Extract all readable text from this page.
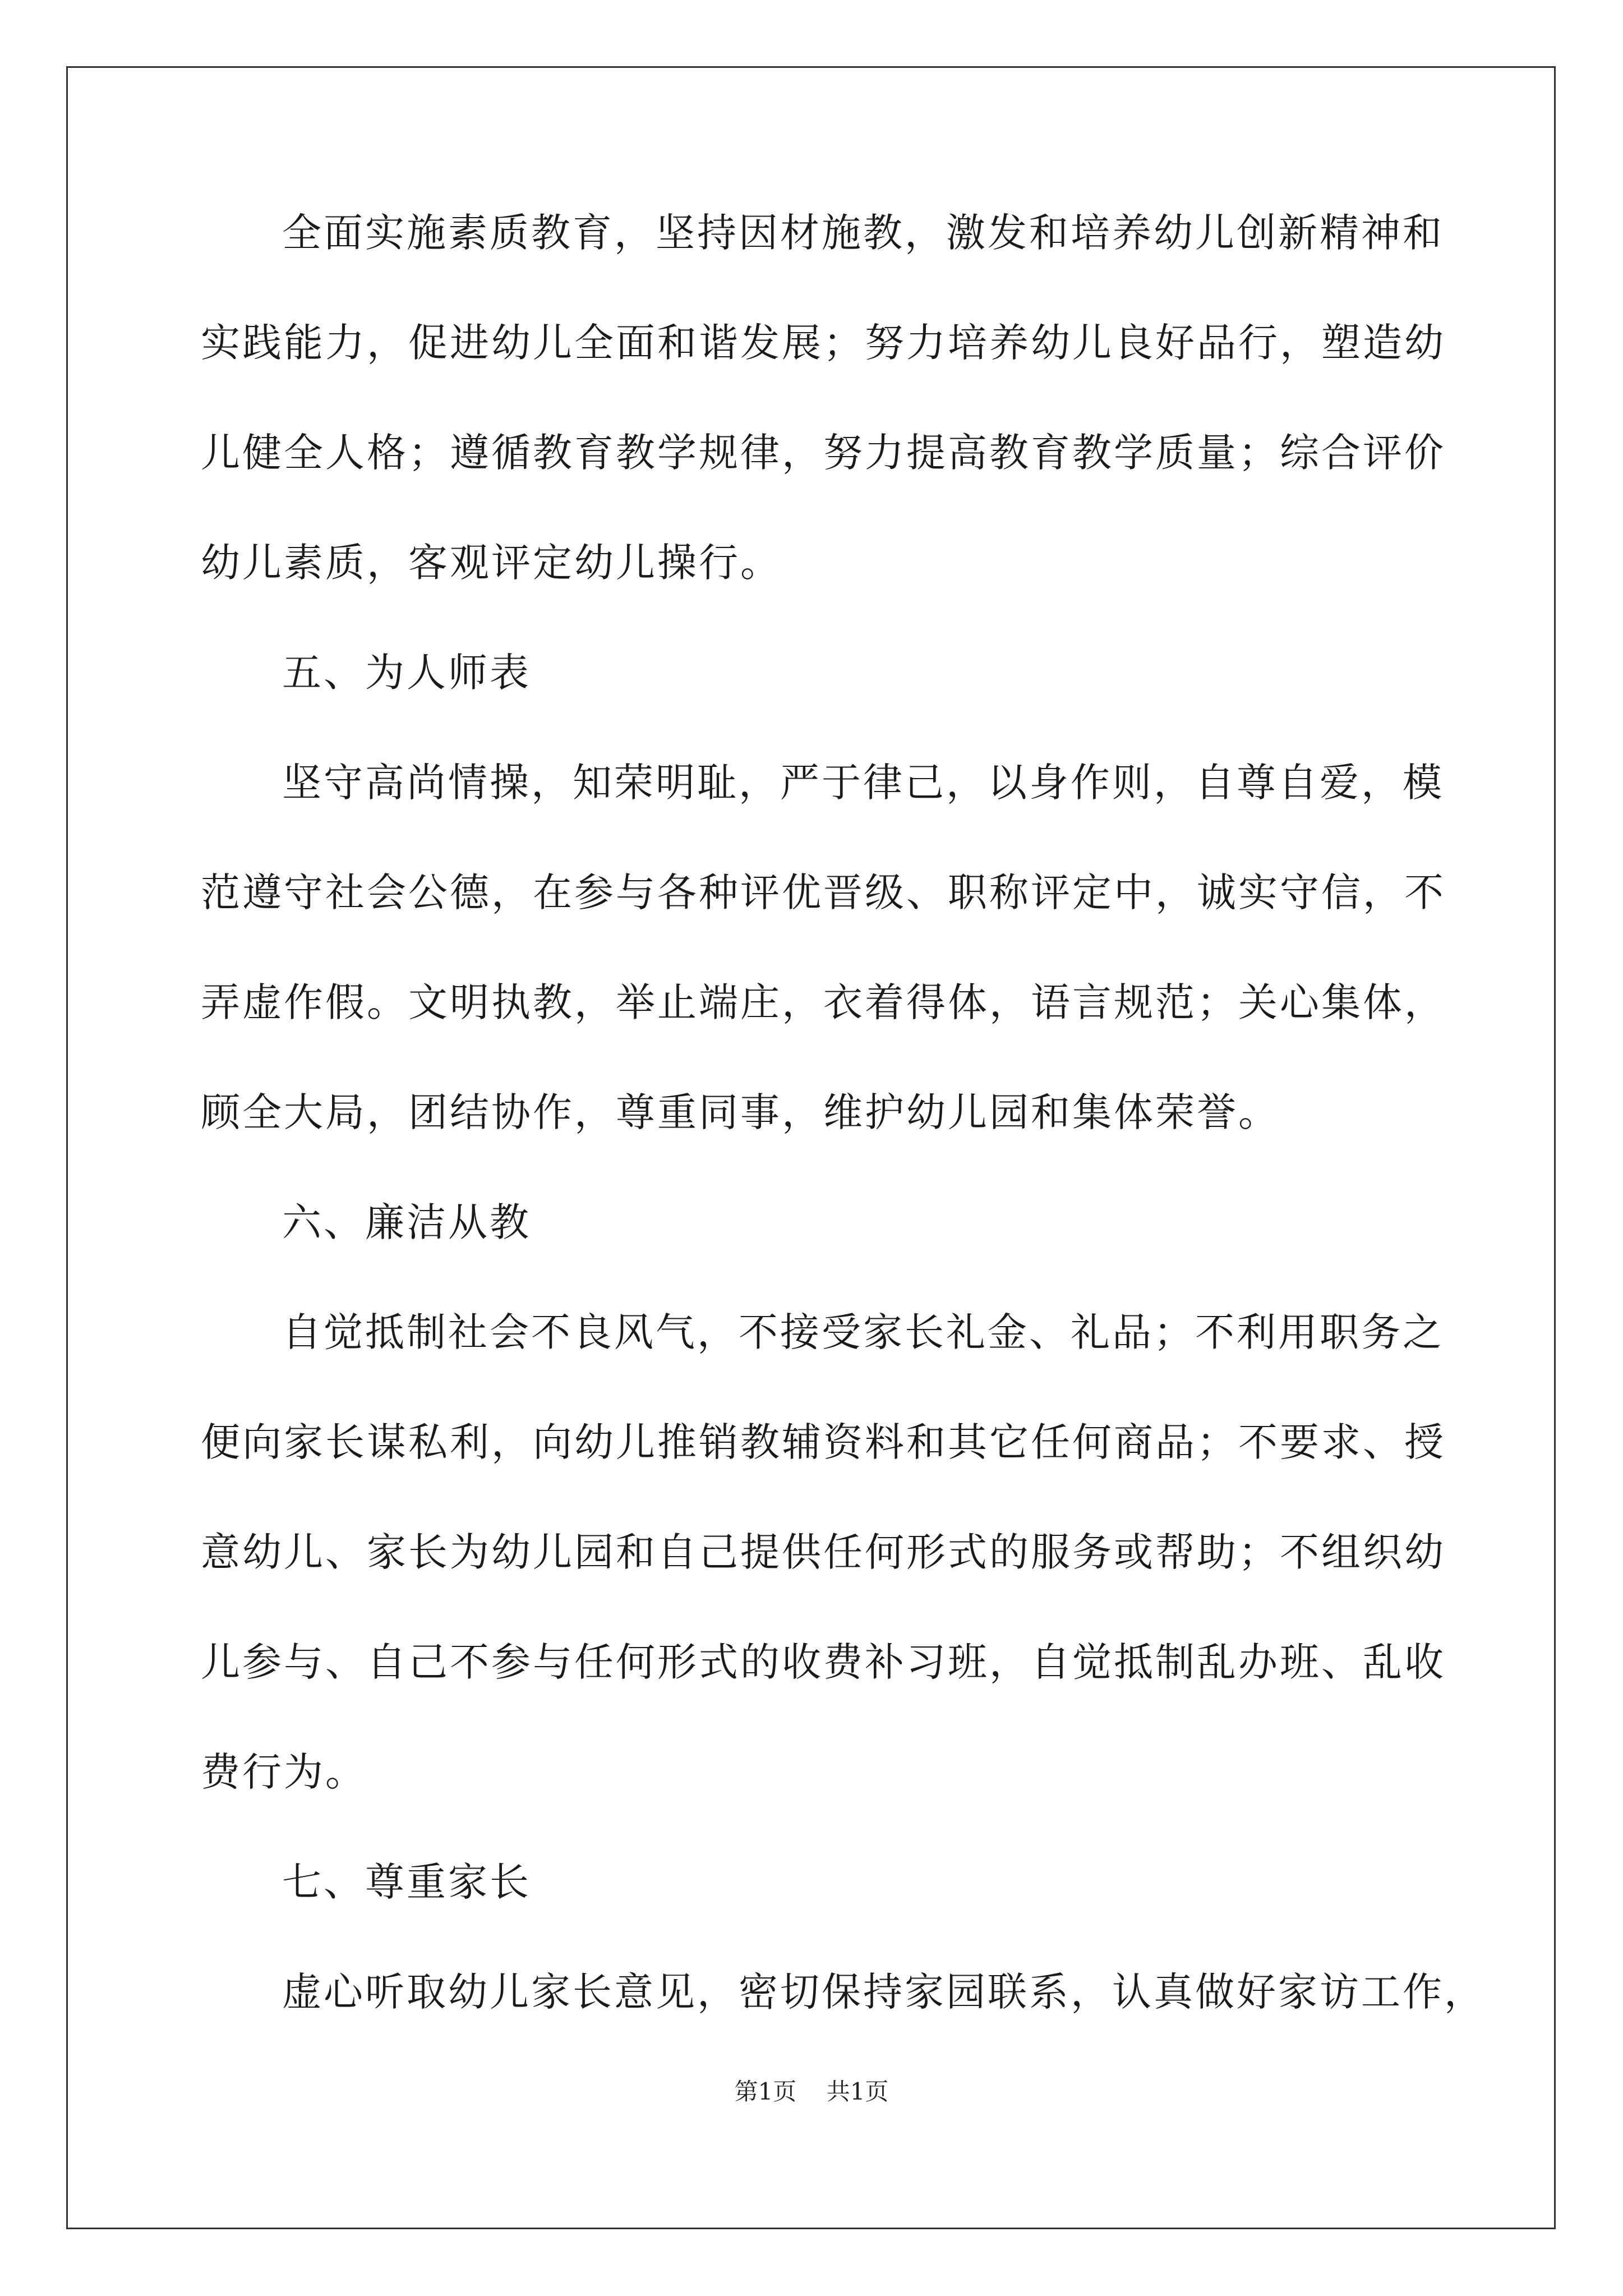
全面实施素质教育，坚持因材施教，激发和培养幼儿创新精神和
实践能力，促进幼儿全面和谐发展；努力培养幼儿良好品行，塑造幼
儿健全人格；遵循教育教学规律，努力提高教育教学质量；综合评价
幼儿素质，客观评定幼儿操行。
五、为人师表
坚守高尚情操，知荣明耻，严于律己，以身作则，自尊自爱，模
范遵守社会公德，在参与各种评优晋级、职称评定中，诚实守信，不
弄虚作假。文明执教，举止端庄，衣着得体，语言规范；关心集体，
顾全大局，团结协作，尊重同事，维护幼儿园和集体荣誉。
六、廉洁从教
自觉抵制社会不良风气，不接受家长礼金、礼品；不利用职务之
便向家长谋私利，向幼儿推销教辅资料和其它任何商品；不要求、授
意幼儿、家长为幼儿园和自己提供任何形式的服务或帮助；不组织幼
儿参与、自己不参与任何形式的收费补习班，自觉抵制乱办班、乱收
费行为。
七、尊重家长
虚心听取幼儿家长意见，密切保持家园联系，认真做好家访工作，
第1页 共1页
